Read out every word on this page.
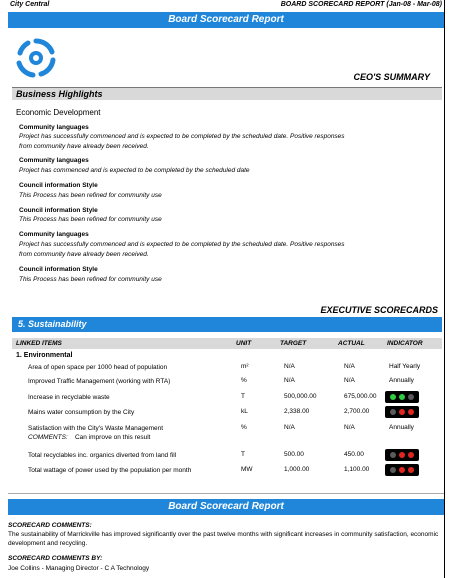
City Central	BOARD SCORECARD REPORT (Jan-08 - Mar-08)
Board Scorecard Report
CEO'S SUMMARY
Business Highlights
Economic Development
Community languages
Project has successfully commenced and is expected to be completed by the scheduled date. Positive responses from community have already been received.
Community languages
Project has commenced and is expected to be completed by the scheduled date
Council information Style
This Process has been refined for community use
Council information Style
This Process has been refined for community use
Community languages
Project has successfully commenced and is expected to be completed by the scheduled date. Positive responses from community have already been received.
Council information Style
This Process has been refined for community use
EXECUTIVE SCORECARDS
5. Sustainability
LINKED ITEMS	UNIT	TARGET	ACTUAL	INDICATOR
1. Environmental
Area of open space per 1000 head of population	m²	N/A	N/A	Half Yearly
Improved Traffic Management (working with RTA)	%	N/A	N/A	Annually
Increase in recyclable waste	T	500,000.00	675,000.00
Mains water consumption by the City	kL	2,338.00	2,700.00
Satisfaction with the City's Waste Management	%	N/A	N/A	Annually
COMMENTS: Can improve on this result
Total recyclables inc. organics diverted from land fill	T	500.00	450.00
Total wattage of power used by the population per month	MW	1,000.00	1,100.00
Board Scorecard Report
SCORECARD COMMENTS:
The sustainability of Marrickville has improved significantly over the past twelve months with significant increases in community satisfaction, economic development and recycling.
SCORECARD COMMENTS BY:
Joe Collins - Managing Director - C A Technology
